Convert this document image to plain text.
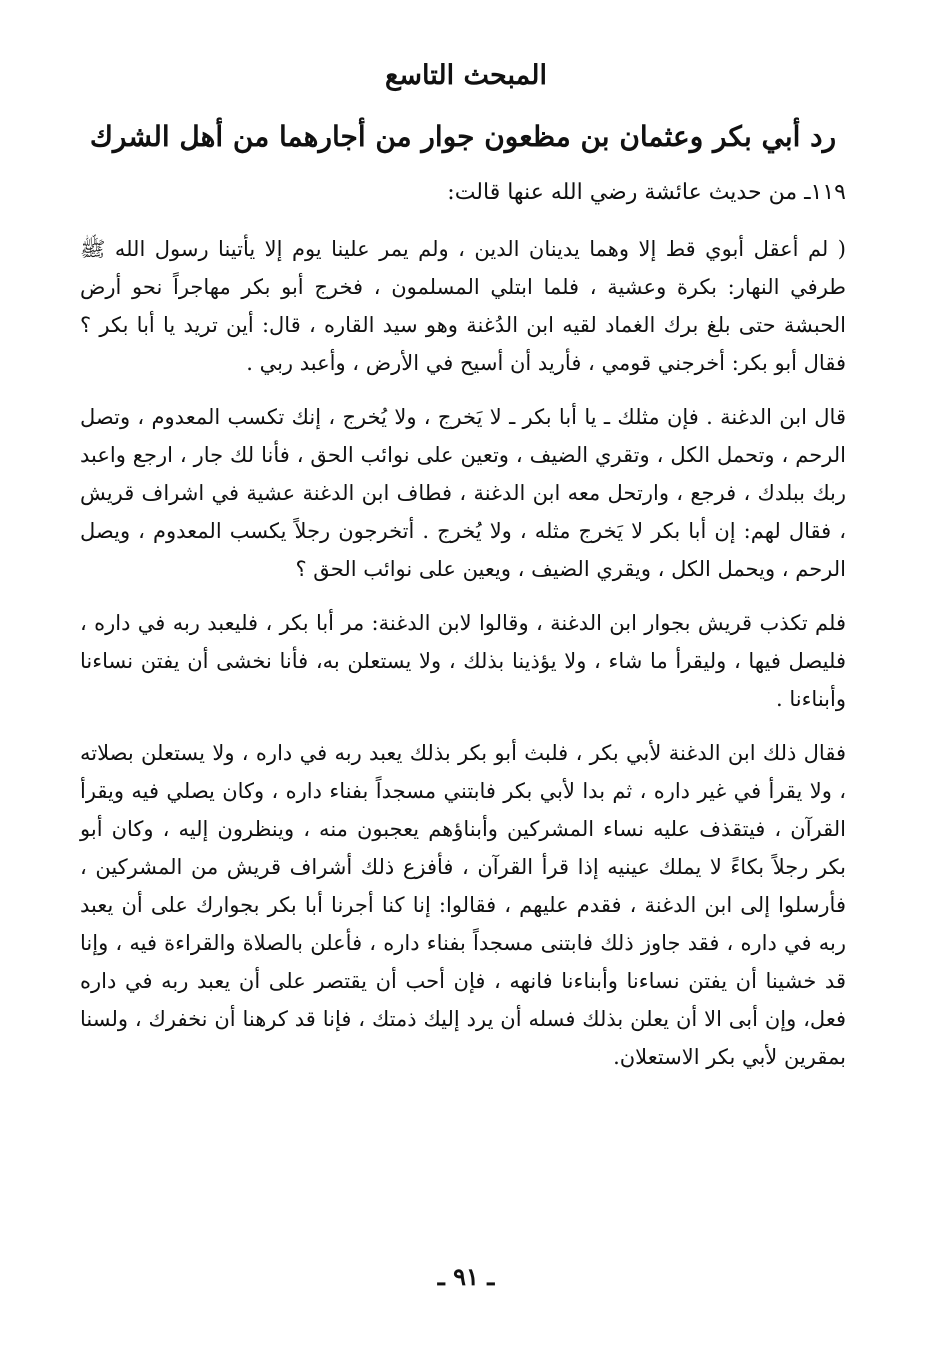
المبحث التاسع
رد أبي بكر وعثمان بن مظعون جوار من أجارهما من أهل الشرك

١١٩ـ من حديث عائشة رضي الله عنها قالت:

( لم أعقل أبوي قط إلا وهما يدينان الدين ، ولم يمر علينا يوم إلا يأتينا رسول الله ﷺ طرفي النهار: بكرة وعشية ، فلما ابتلي المسلمون ، فخرج أبو بكر مهاجراً نحو أرض الحبشة حتى بلغ برك الغماد لقيه ابن الدُغنة وهو سيد القاره ، قال: أين تريد يا أبا بكر ؟ فقال أبو بكر: أخرجني قومي ، فأريد أن أسيح في الأرض ، وأعبد ربي .

قال ابن الدغنة . فإن مثلك ـ يا أبا بكر ـ لا يَخرج ، ولا يُخرج ، إنك تكسب المعدوم ، وتصل الرحم ، وتحمل الكل ، وتقري الضيف ، وتعين على نوائب الحق ، فأنا لك جار ، ارجع واعبد ربك ببلدك ، فرجع ، وارتحل معه ابن الدغنة ، فطاف ابن الدغنة عشية في اشراف قريش ، فقال لهم: إن أبا بكر لا يَخرج مثله ، ولا يُخرج . أتخرجون رجلاً يكسب المعدوم ، ويصل الرحم ، ويحمل الكل ، ويقري الضيف ، ويعين على نوائب الحق ؟

فلم تكذب قريش بجوار ابن الدغنة ، وقالوا لابن الدغنة: مر أبا بكر ، فليعبد ربه في داره ، فليصل فيها ، وليقرأ ما شاء ، ولا يؤذينا بذلك ، ولا يستعلن به، فأنا نخشى أن يفتن نساءنا وأبناءنا .

فقال ذلك ابن الدغنة لأبي بكر ، فلبث أبو بكر بذلك يعبد ربه في داره ، ولا يستعلن بصلاته ، ولا يقرأ في غير داره ، ثم بدا لأبي بكر فابتني مسجداً بفناء داره ، وكان يصلي فيه ويقرأ القرآن ، فيتقذف عليه نساء المشركين وأبناؤهم يعجبون منه ، وينظرون إليه ، وكان أبو بكر رجلاً بكاءً لا يملك عينيه إذا قرأ القرآن ، فأفزع ذلك أشراف قريش من المشركين ، فأرسلوا إلى ابن الدغنة ، فقدم عليهم ، فقالوا: إنا كنا أجرنا أبا بكر بجوارك على أن يعبد ربه في داره ، فقد جاوز ذلك فابتنى مسجداً بفناء داره ، فأعلن بالصلاة والقراءة فيه ، وإنا قد خشينا أن يفتن نساءنا وأبناءنا فانهه ، فإن أحب أن يقتصر على أن يعبد ربه في داره فعل، وإن أبى الا أن يعلن بذلك فسله أن يرد إليك ذمتك ، فإنا قد كرهنا أن نخفرك ، ولسنا بمقرين لأبي بكر الاستعلان.

ـ ٩١ ـ
